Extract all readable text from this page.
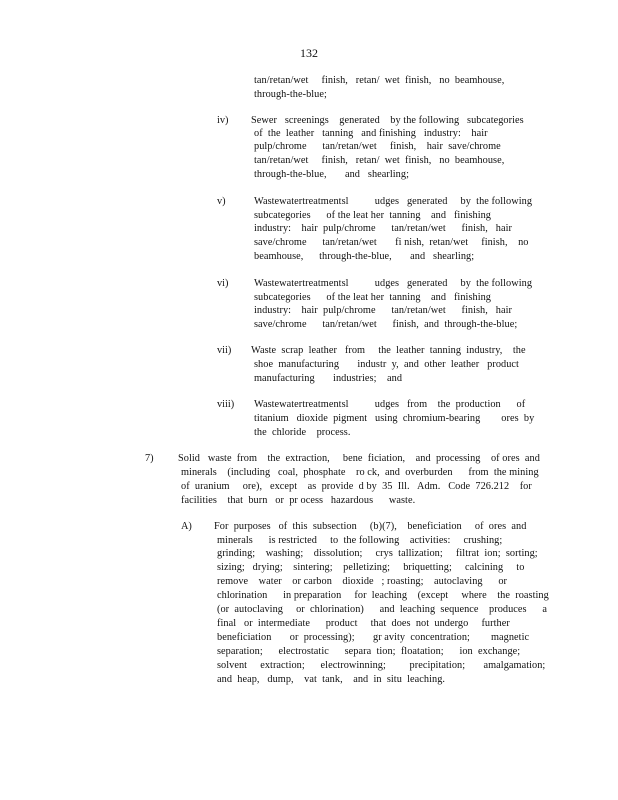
132
tan/retan/wet     finish,   retan/  wet  finish,   no  beamhouse,
through-the-blue;
iv) Sewer   screenings    generated    by the following   subcategories
of  the  leather   tanning   and finishing   industry:    hair
pulp/chrome      tan/retan/wet     finish,    hair  save/chrome
tan/retan/wet     finish,   retan/  wet  finish,   no  beamhouse,
through-the-blue,       and   shearling;
v)	Wastewatertreatmentsl          udges   generated     by  the following
subcategories      of the leat her  tanning    and   finishing
industry:    hair  pulp/chrome      tan/retan/wet      finish,   hair
save/chrome      tan/retan/wet       fi nish,  retan/wet     finish,    no
beamhouse,      through-the-blue,       and   shearling;
vi) Wastewatertreatmentsl          udges   generated     by  the following
subcategories      of the leat her  tanning    and   finishing
industry:    hair  pulp/chrome      tan/retan/wet      finish,   hair
save/chrome      tan/retan/wet      finish,  and  through-the-blue;
vii) Waste  scrap  leather   from     the  leather  tanning  industry,    the
shoe  manufacturing       industr  y,  and  other  leather   product
manufacturing       industries;    and
viii) Wastewatertreatmentsl          udges   from    the  production      of
titanium   dioxide  pigment   using  chromium-bearing        ores  by
the  chloride    process.
7) Solid   waste  from    the  extraction,     bene  ficiation,    and  processing    of ores  and
minerals    (including   coal,  phosphate    ro ck,  and  overburden      from  the mining
of  uranium     ore),   except    as  provide  d by  35  Ill.   Adm.   Code  726.212    for
facilities    that  burn   or  pr ocess   hazardous      waste.
A) For  purposes   of  this  subsection     (b)(7),    beneficiation     of  ores  and
minerals      is restricted     to  the following    activities:     crushing;
grinding;    washing;    dissolution;     crys  tallization;     filtrat  ion;  sorting;
sizing;   drying;    sintering;    pelletizing;     briquetting;     calcining     to
remove    water    or carbon    dioxide   ; roasting;    autoclaving      or
chlorination      in preparation     for  leaching    (except     where    the  roasting
(or  autoclaving     or  chlorination)      and  leaching  sequence    produces      a
final   or  intermediate      product     that  does  not  undergo     further
beneficiation       or  processing);       gr avity  concentration;        magnetic
separation;      electrostatic      separa  tion;  floatation;      ion  exchange;
solvent     extraction;      electrowinning;         precipitation;       amalgamation;
and  heap,   dump,    vat  tank,    and  in  situ  leaching.
